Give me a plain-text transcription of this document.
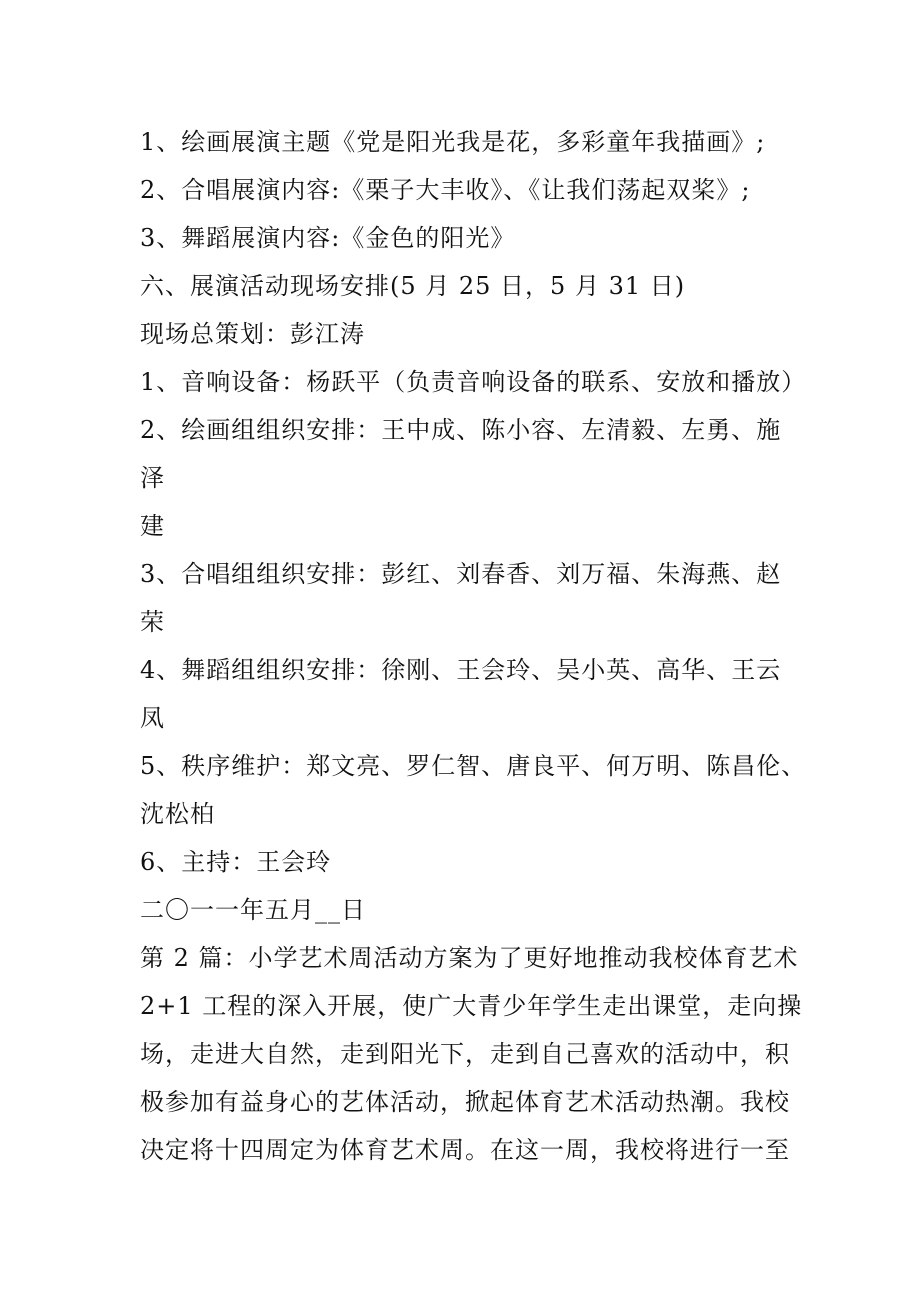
1、绘画展演主题《党是阳光我是花，多彩童年我描画》;
2、合唱展演内容:《栗子大丰收》、《让我们荡起双桨》;
3、舞蹈展演内容:《金色的阳光》
六、展演活动现场安排(5 月 25 日，5 月 31 日)
现场总策划：彭江涛
1、音响设备：杨跃平（负责音响设备的联系、安放和播放）
2、绘画组组织安排：王中成、陈小容、左清毅、左勇、施
泽
建
3、合唱组组织安排：彭红、刘春香、刘万福、朱海燕、赵
荣
4、舞蹈组组织安排：徐刚、王会玲、吴小英、高华、王云
凤
5、秩序维护：郑文亮、罗仁智、唐良平、何万明、陈昌伦、
沈松柏
6、主持：王会玲
二〇一一年五月__日
第 2 篇：小学艺术周活动方案为了更好地推动我校体育艺术
2+1 工程的深入开展，使广大青少年学生走出课堂，走向操
场，走进大自然，走到阳光下，走到自己喜欢的活动中，积
极参加有益身心的艺体活动，掀起体育艺术活动热潮。我校
决定将十四周定为体育艺术周。在这一周，我校将进行一至
